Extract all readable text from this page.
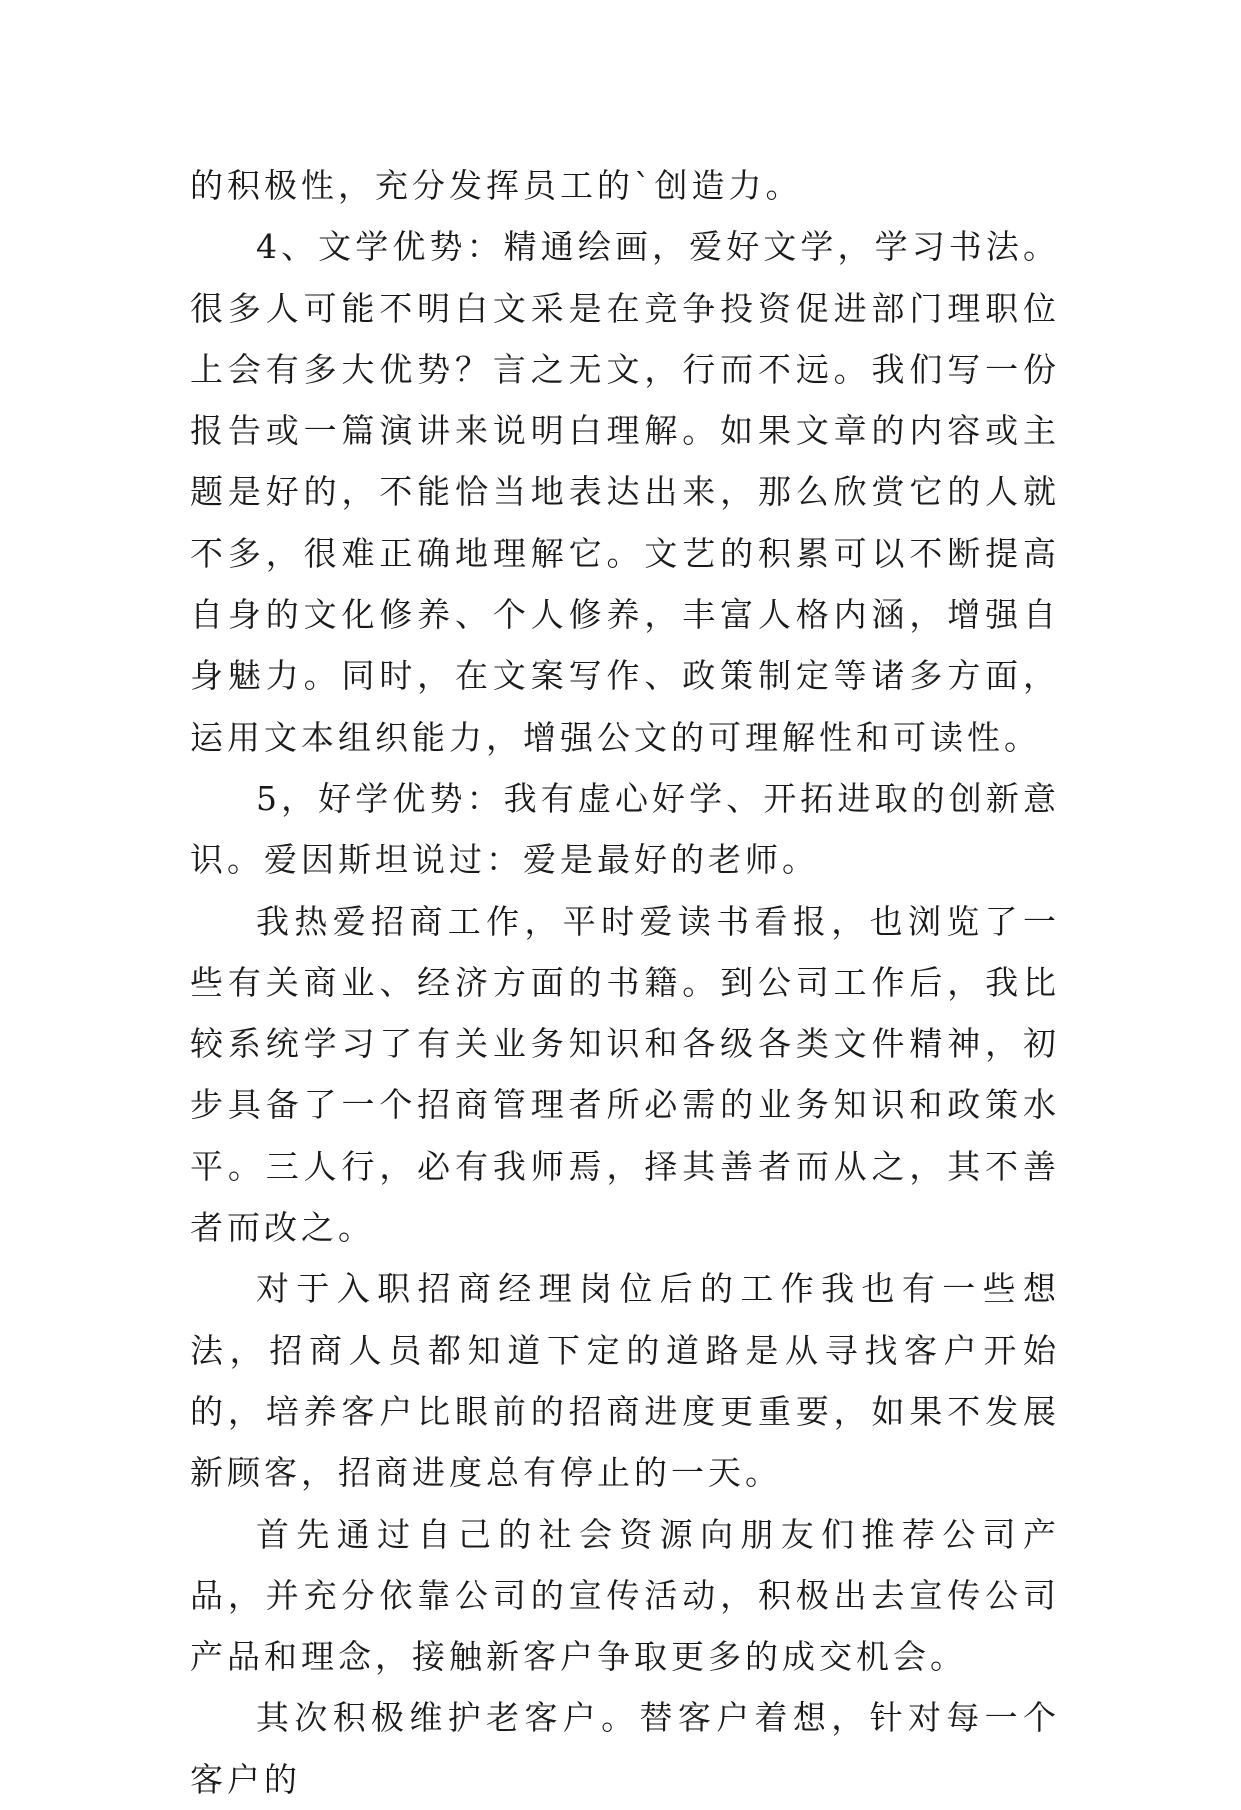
的积极性，充分发挥员工的`创造力。

4、文学优势：精通绘画，爱好文学，学习书法。很多人可能不明白文采是在竞争投资促进部门理职位上会有多大优势？言之无文，行而不远。我们写一份报告或一篇演讲来说明白理解。如果文章的内容或主题是好的，不能恰当地表达出来，那么欣赏它的人就不多，很难正确地理解它。文艺的积累可以不断提高自身的文化修养、个人修养，丰富人格内涵，增强自身魅力。同时，在文案写作、政策制定等诸多方面，运用文本组织能力，增强公文的可理解性和可读性。

5，好学优势：我有虚心好学、开拓进取的创新意识。爱因斯坦说过：爱是最好的老师。

我热爱招商工作，平时爱读书看报，也浏览了一些有关商业、经济方面的书籍。到公司工作后，我比较系统学习了有关业务知识和各级各类文件精神，初步具备了一个招商管理者所必需的业务知识和政策水平。三人行，必有我师焉，择其善者而从之，其不善者而改之。

对于入职招商经理岗位后的工作我也有一些想法，招商人员都知道下定的道路是从寻找客户开始的，培养客户比眼前的招商进度更重要，如果不发展新顾客，招商进度总有停止的一天。

首先通过自己的社会资源向朋友们推荐公司产品，并充分依靠公司的宣传活动，积极出去宣传公司产品和理念，接触新客户争取更多的成交机会。

其次积极维护老客户。替客户着想，针对每一个客户的
